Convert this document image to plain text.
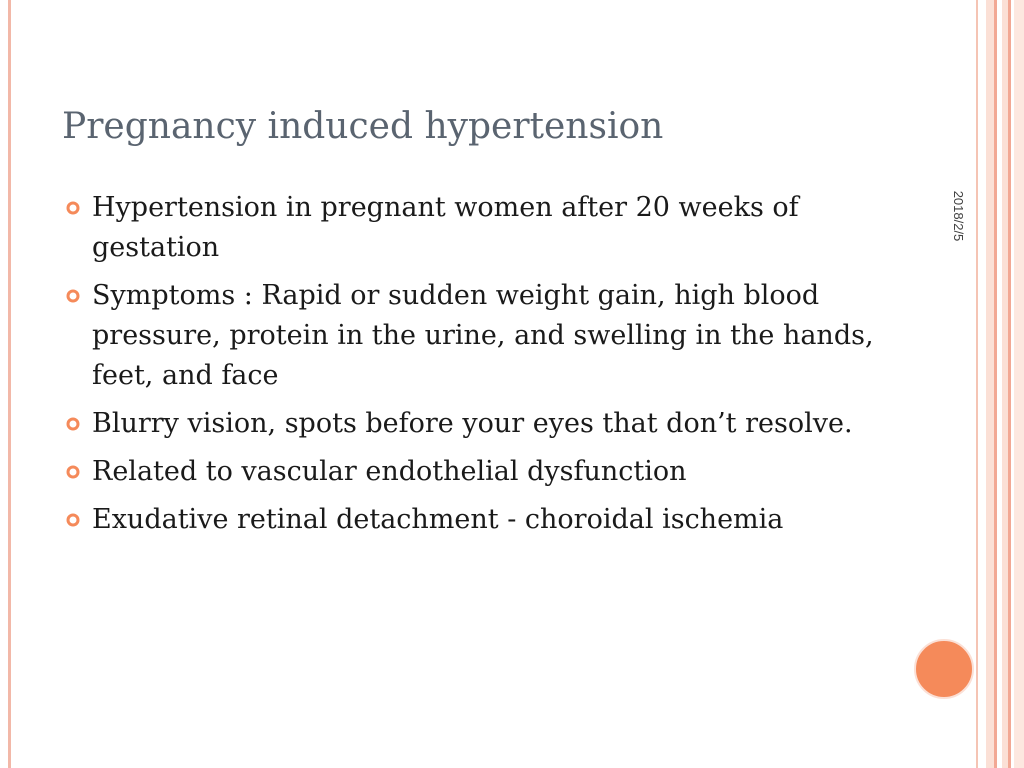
Pregnancy induced hypertension
2018/2/5
Hypertension in pregnant women after 20 weeks of gestation
Symptoms : Rapid or sudden weight gain, high blood pressure, protein in the urine, and swelling in the hands, feet, and face
Blurry vision, spots before your eyes that don’t resolve.
Related to vascular endothelial dysfunction
Exudative retinal detachment - choroidal ischemia
